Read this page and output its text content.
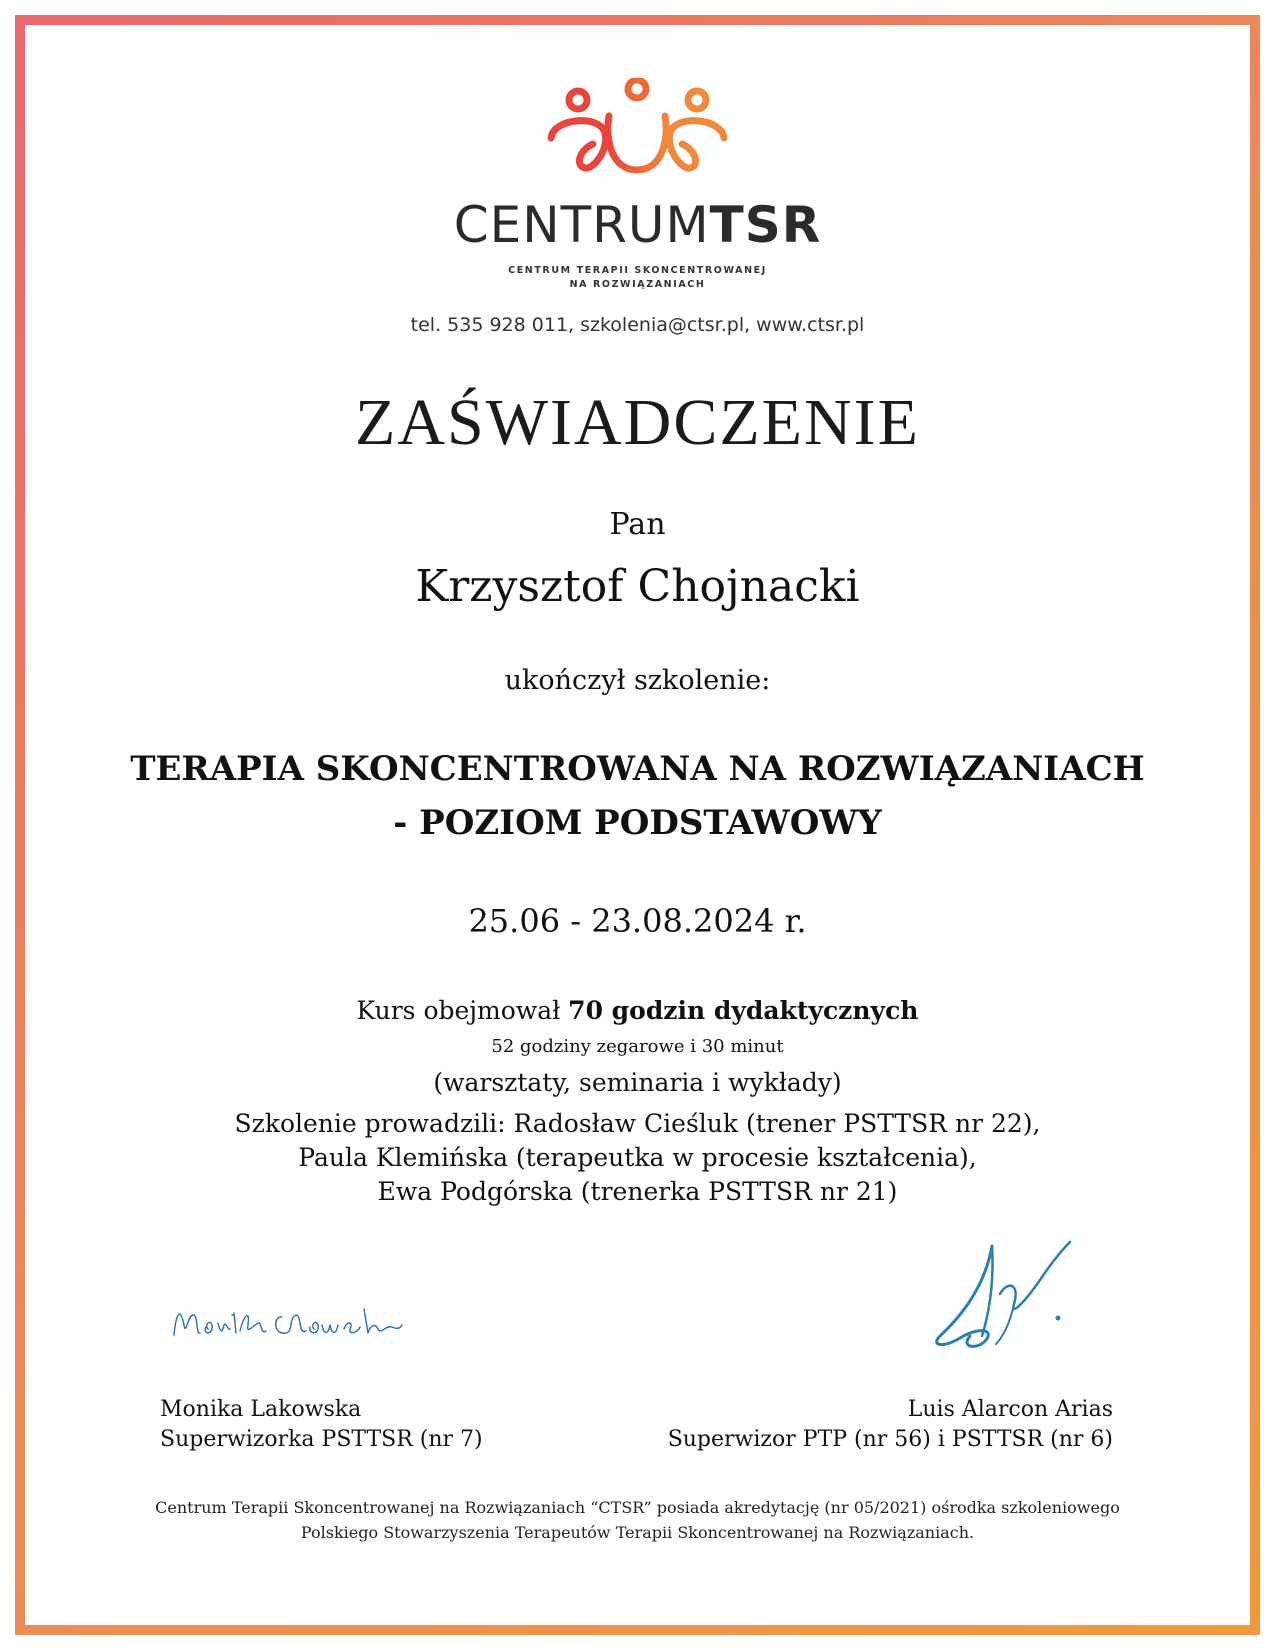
CENTRUMTSR
CENTRUM TERAPII SKONCENTROWANEJ
NA ROZWIĄZANIACH
tel. 535 928 011, szkolenia@ctsr.pl, www.ctsr.pl
ZAŚWIADCZENIE
Pan
Krzysztof Chojnacki
ukończył szkolenie:
TERAPIA SKONCENTROWANA NA ROZWIĄZANIACH
- POZIOM PODSTAWOWY
25.06 - 23.08.2024 r.
Kurs obejmował 70 godzin dydaktycznych
52 godziny zegarowe i 30 minut
(warsztaty, seminaria i wykłady)
Szkolenie prowadzili: Radosław Cieśluk (trener PSTTSR nr 22),
Paula Klemińska (terapeutka w procesie kształcenia),
Ewa Podgórska (trenerka PSTTSR nr 21)
Monika Lakowska
Superwizorka PSTTSR (nr 7)
Luis Alarcon Arias
Superwizor PTP (nr 56) i PSTTSR (nr 6)
Centrum Terapii Skoncentrowanej na Rozwiązaniach “CTSR” posiada akredytację (nr 05/2021) ośrodka szkoleniowego
Polskiego Stowarzyszenia Terapeutów Terapii Skoncentrowanej na Rozwiązaniach.
